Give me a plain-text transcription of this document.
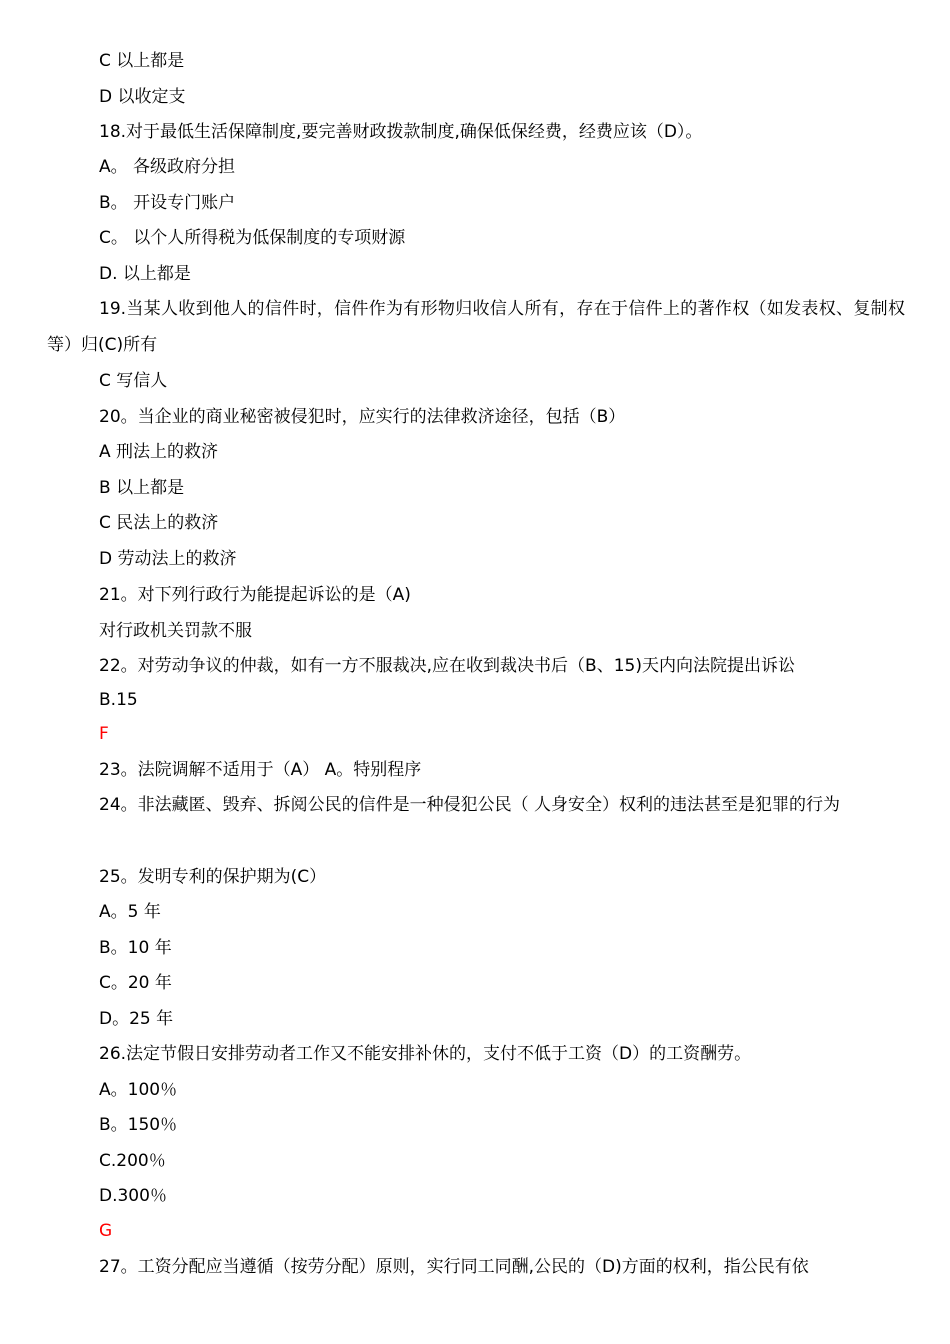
C 以上都是
D 以收定支
18.对于最低生活保障制度,要完善财政拨款制度,确保低保经费，经费应该（D）。
A。 各级政府分担
B。 开设专门账户
C。 以个人所得税为低保制度的专项财源
D. 以上都是
19.当某人收到他人的信件时，信件作为有形物归收信人所有，存在于信件上的著作权（如发表权、复制权等）归(C)所有
C 写信人
20。当企业的商业秘密被侵犯时，应实行的法律救济途径，包括（B）
A 刑法上的救济
B 以上都是
C 民法上的救济
D 劳动法上的救济
21。对下列行政行为能提起诉讼的是（A)
对行政机关罚款不服
22。对劳动争议的仲裁，如有一方不服裁决,应在收到裁决书后（B、15)天内向法院提出诉讼
B.15
F
23。法院调解不适用于（A） A。特别程序
24。非法藏匿、毁弃、拆阅公民的信件是一种侵犯公民（ 人身安全）权利的违法甚至是犯罪的行为
25。发明专利的保护期为(C）
A。5 年
B。10 年
C。20 年
D。25 年
26.法定节假日安排劳动者工作又不能安排补休的，支付不低于工资（D）的工资酬劳。
A。100％
B。150％
C.200％
D.300％
G
27。工资分配应当遵循（按劳分配）原则，实行同工同酬,公民的（D)方面的权利，指公民有依
